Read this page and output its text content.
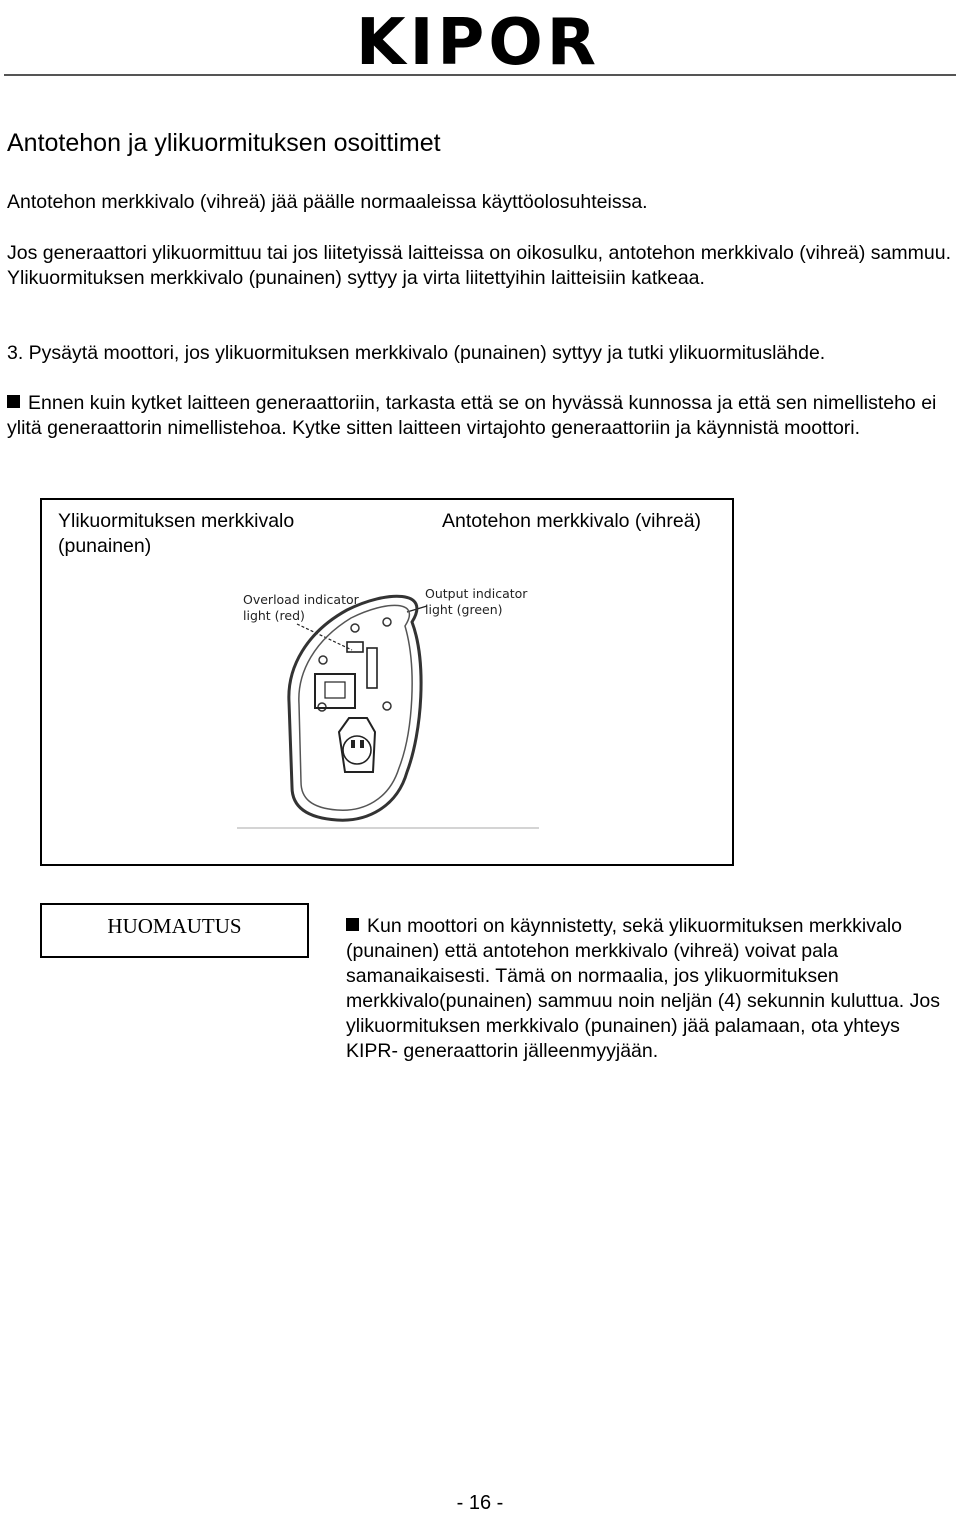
KIPOR
Antotehon ja ylikuormituksen osoittimet

Antotehon merkkivalo (vihreä) jää päälle normaaleissa käyttöolosuhteissa.

Jos generaattori ylikuormittuu tai jos liitetyissä laitteissa on oikosulku, antotehon merkkivalo (vihreä) sammuu. Ylikuormituksen merkkivalo (punainen) syttyy ja virta liitettyihin laitteisiin katkeaa.

3. Pysäytä moottori, jos ylikuormituksen merkkivalo (punainen) syttyy ja tutki ylikuormituslähde.

Ennen kuin kytket laitteen generaattoriin, tarkasta että se on hyvässä kunnossa ja että sen nimellisteho ei ylitä generaattorin nimellistehoa. Kytke sitten laitteen virtajohto generaattoriin ja käynnistä moottori.

Ylikuormituksen merkkivalo (punainen)

Antotehon merkkivalo (vihreä)

Overload indicator
light (red)
Output indicator
light (green)

HUOMAUTUS	Kun moottori on käynnistetty, sekä ylikuormituksen merkkivalo (punainen) että antotehon merkkivalo (vihreä) voivat pala samanaikaisesti. Tämä on normaalia, jos ylikuormituksen merkkivalo(punainen) sammuu noin neljän (4) sekunnin kuluttua. Jos ylikuormituksen merkkivalo (punainen) jää palamaan, ota yhteys KIPR- generaattorin jälleenmyyjään.

- 16 -
